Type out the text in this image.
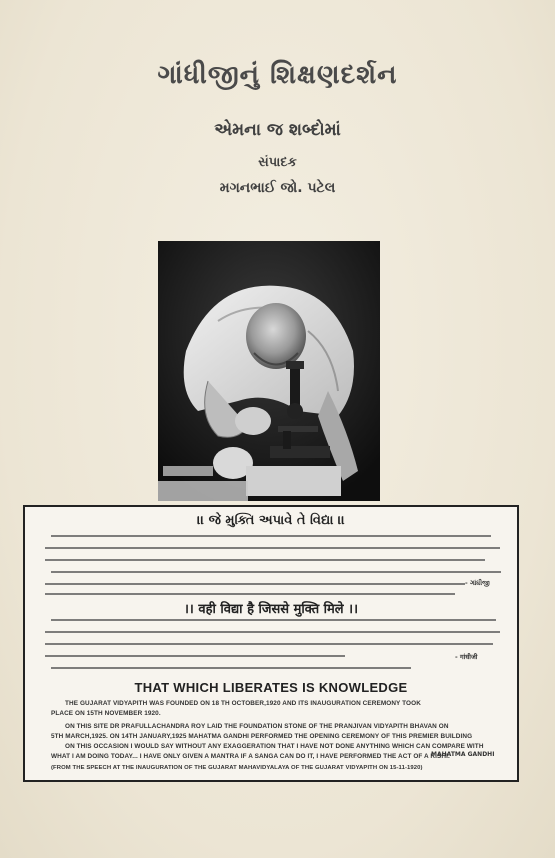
ગાંધીજીનું શિક્ષણદર્શન
એમના જ શબ્દોમાં
સંપાદક
મગનભાઈ જો. પટેલ
।। જે મુક્તિ અપાવે તે વિદ્યા ।।
- ગાંધીજી
।। वही विद्या है जिससे मुक्ति मिले ।।
- गांधीजी
THAT WHICH LIBERATES IS KNOWLEDGE
THE GUJARAT VIDYAPITH WAS FOUNDED ON 18 TH OCTOBER,1920 AND ITS INAUGURATION CEREMONY TOOK
PLACE ON 15TH NOVEMBER 1920.
ON THIS SITE DR PRAFULLACHANDRA ROY LAID THE FOUNDATION STONE OF THE PRANJIVAN VIDYAPITH BHAVAN ON
5TH MARCH,1925. ON 14TH JANUARY,1925 MAHATMA GANDHI PERFORMED THE OPENING CEREMONY OF THIS PREMIER BUILDING
ON THIS OCCASION I WOULD SAY WITHOUT ANY EXAGGERATION THAT I HAVE NOT DONE ANYTHING WHICH CAN COMPARE WITH
WHAT I AM DOING TODAY... I HAVE ONLY GIVEN A MANTRA IF A SANGA CAN DO IT, I HAVE PERFORMED THE ACT OF A RISHI.
MAHATMA GANDHI
(FROM THE SPEECH AT THE INAUGURATION OF THE GUJARAT MAHAVIDYALAYA OF THE GUJARAT VIDYAPITH ON 15-11-1920)
